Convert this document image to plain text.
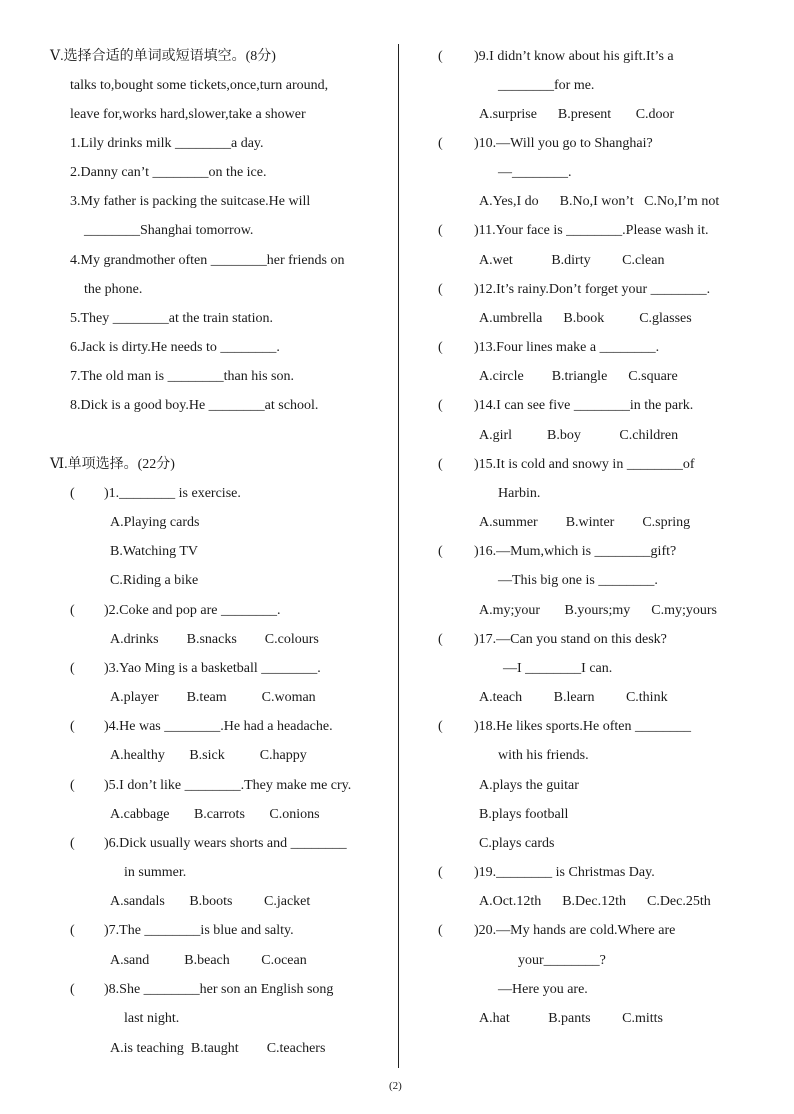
Ⅴ.选择合适的单词或短语填空。(8分)
talks to,bought some tickets,once,turn around,
leave for,works hard,slower,take a shower
1.Lily drinks milk ________a day.
2.Danny can’t ________on the ice.
3.My father is packing the suitcase.He will
________Shanghai tomorrow.
4.My grandmother often ________her friends on
the phone.
5.They ________at the train station.
6.Jack is dirty.He needs to ________.
7.The old man is ________than his son.
8.Dick is a good boy.He ________at school.
Ⅵ.单项选择。(22分)
( )1.________ is exercise.
A.Playing cards
B.Watching TV
C.Riding a bike
( )2.Coke and pop are ________.
A.drinks        B.snacks        C.colours
( )3.Yao Ming is a basketball ________.
A.player        B.team          C.woman
( )4.He was ________.He had a headache.
A.healthy       B.sick          C.happy
( )5.I don’t like ________.They make me cry.
A.cabbage       B.carrots       C.onions
( )6.Dick usually wears shorts and ________
in summer.
A.sandals       B.boots         C.jacket
( )7.The ________is blue and salty.
A.sand          B.beach         C.ocean
( )8.She ________her son an English song
last night.
A.is teaching  B.taught        C.teachers
( )9.I didn’t know about his gift.It’s a
________for me.
A.surprise      B.present       C.door
( )10.—Will you go to Shanghai?
—________.
A.Yes,I do      B.No,I won’t   C.No,I’m not
( )11.Your face is ________.Please wash it.
A.wet           B.dirty         C.clean
( )12.It’s rainy.Don’t forget your ________.
A.umbrella      B.book          C.glasses
( )13.Four lines make a ________.
A.circle        B.triangle      C.square
( )14.I can see five ________in the park.
A.girl          B.boy           C.children
( )15.It is cold and snowy in ________of
Harbin.
A.summer        B.winter        C.spring
( )16.—Mum,which is ________gift?
—This big one is ________.
A.my;your       B.yours;my      C.my;yours
( )17.—Can you stand on this desk?
—I ________I can.
A.teach         B.learn         C.think
( )18.He likes sports.He often ________
with his friends.
A.plays the guitar
B.plays football
C.plays cards
( )19.________ is Christmas Day.
A.Oct.12th      B.Dec.12th      C.Dec.25th
( )20.—My hands are cold.Where are
your________?
—Here you are.
A.hat           B.pants         C.mitts
(2)
